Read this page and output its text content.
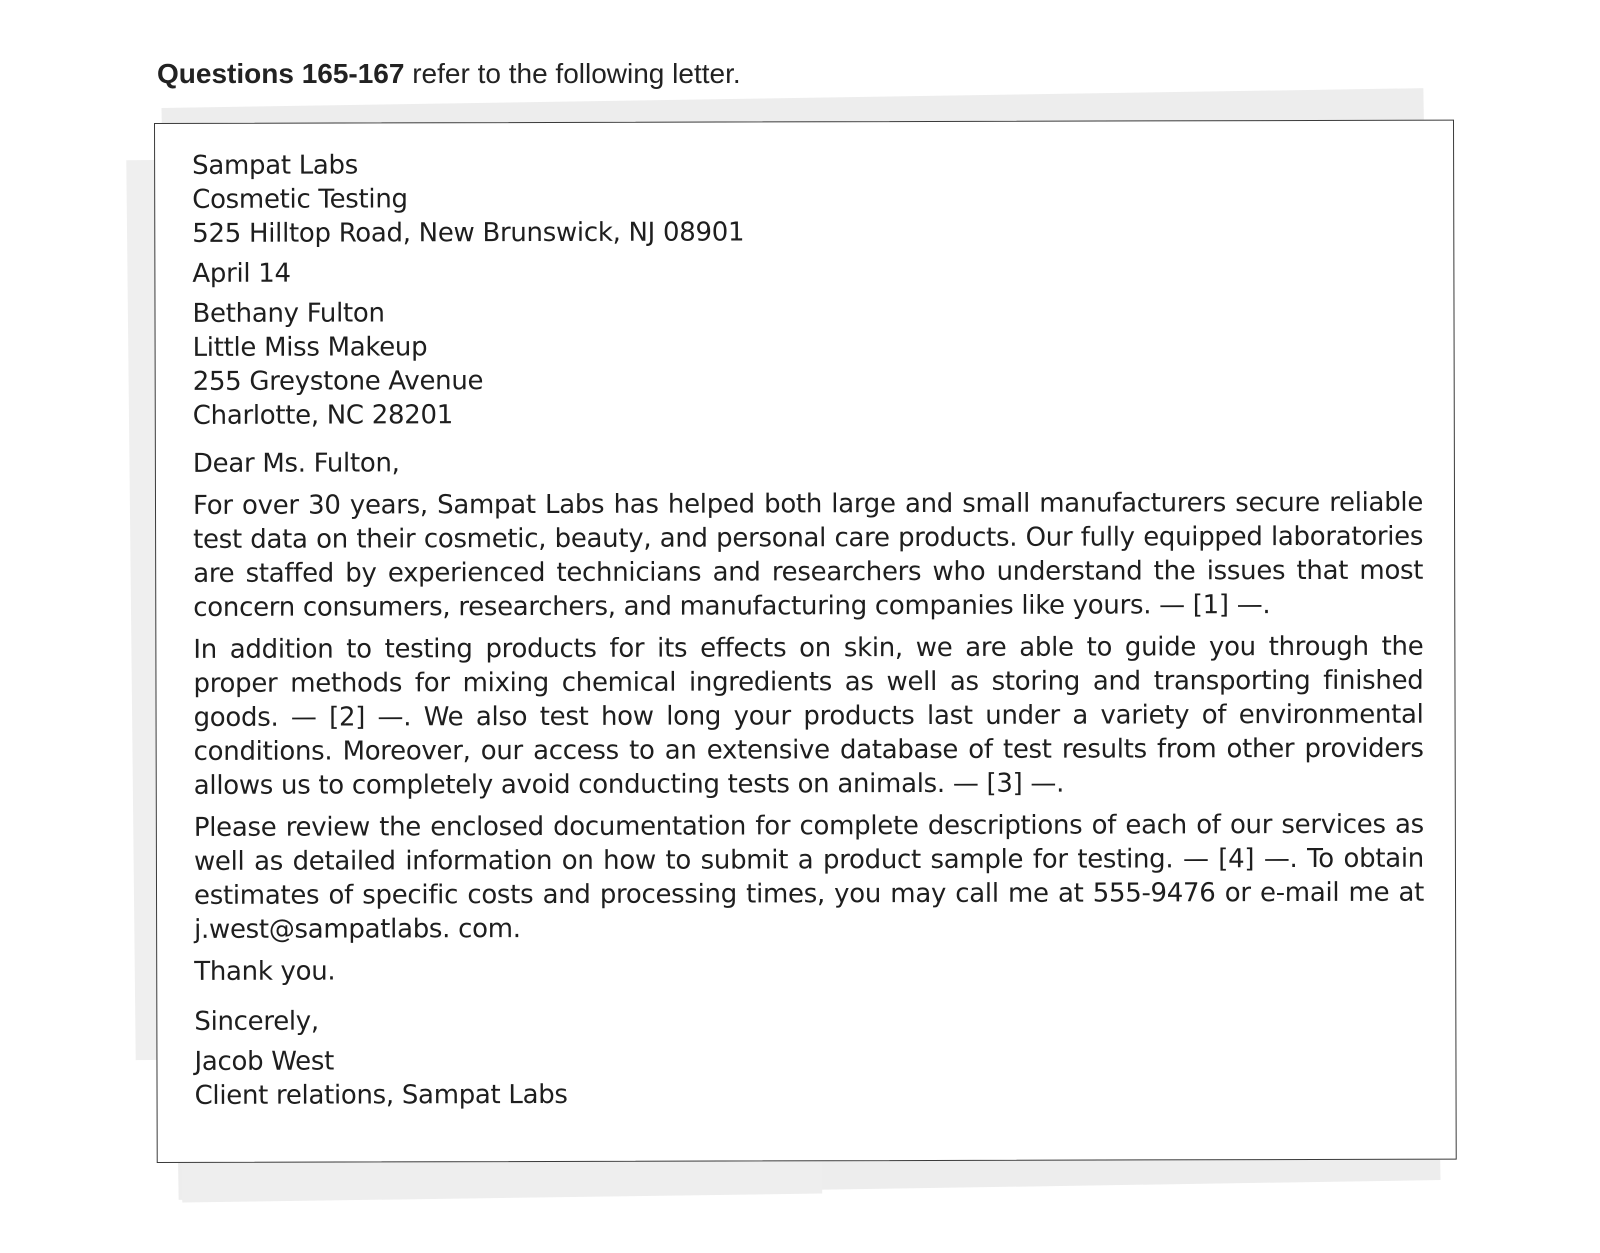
Questions 165-167 refer to the following letter.
Sampat Labs
Cosmetic Testing
525 Hilltop Road, New Brunswick, NJ 08901
April 14
Bethany Fulton
Little Miss Makeup
255 Greystone Avenue
Charlotte, NC 28201
Dear Ms. Fulton,

For over 30 years, Sampat Labs has helped both large and small manufacturers secure reliable test data on their cosmetic, beauty, and personal care products. Our fully equipped laboratories are staffed by experienced technicians and researchers who understand the issues that most concern consumers, researchers, and manufacturing companies like yours. — [1] —.

In addition to testing products for its effects on skin, we are able to guide you through the proper methods for mixing chemical ingredients as well as storing and transporting finished goods. — [2] —. We also test how long your products last under a variety of environmental conditions. Moreover, our access to an extensive database of test results from other providers allows us to completely avoid conducting tests on animals. — [3] —.

Please review the enclosed documentation for complete descriptions of each of our services as well as detailed information on how to submit a product sample for testing. — [4] —. To obtain estimates of specific costs and processing times, you may call me at 555-9476 or e-mail me at j.west@sampatlabs. com.

Thank you.
Sincerely,
Jacob West
Client relations, Sampat Labs
